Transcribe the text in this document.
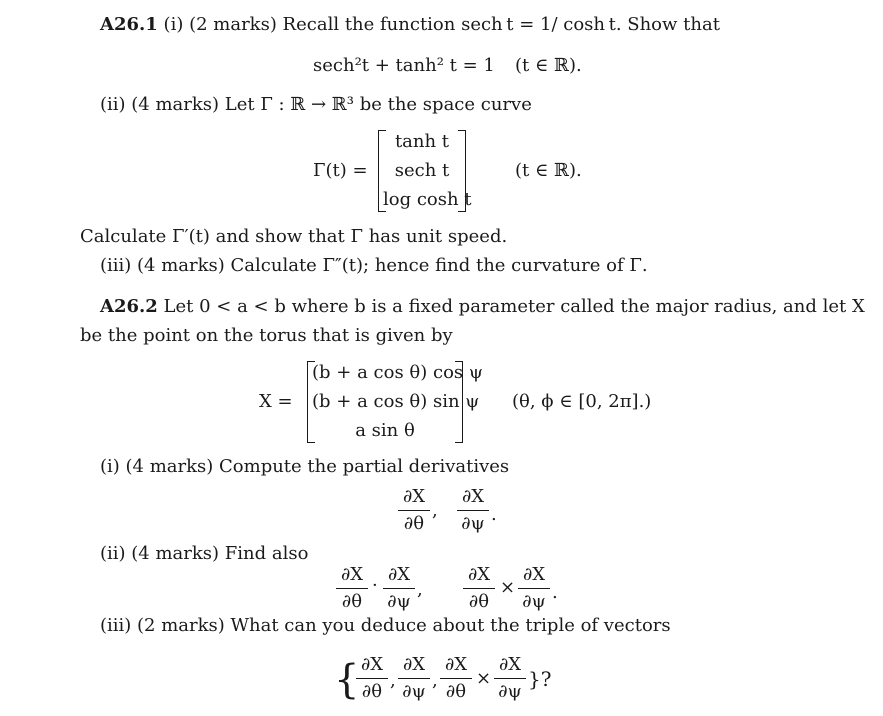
A26.1 (i) (2 marks) Recall the function sech t = 1/ cosh t. Show that
sech²t + tanh² t = 1 (t ∈ ℝ).
(ii) (4 marks) Let Γ : ℝ → ℝ³ be the space curve
Γ(t) =
tanh t
sech t
log cosh t
(t ∈ ℝ).
Calculate Γ′(t) and show that Γ has unit speed.
(iii) (4 marks) Calculate Γ″(t); hence find the curvature of Γ.
A26.2 Let 0 < a < b where b is a fixed parameter called the major radius, and let X
be the point on the torus that is given by
X =
(b + a cos θ) cos ψ
(b + a cos θ) sin ψ
a sin θ
(θ, ϕ ∈ [0, 2π].)
(i) (4 marks) Compute the partial derivatives
∂X
∂θ
,
∂X
∂ψ .
(ii) (4 marks) Find also
∂X
∂θ
·
∂X
∂ψ
,
∂X
∂θ
×
∂X
∂ψ .
(iii) (2 marks) What can you deduce about the triple of vectors
{ ∂X
∂θ
,
∂X
∂ψ
,
∂X
∂θ
×
∂X
∂ψ
}?
